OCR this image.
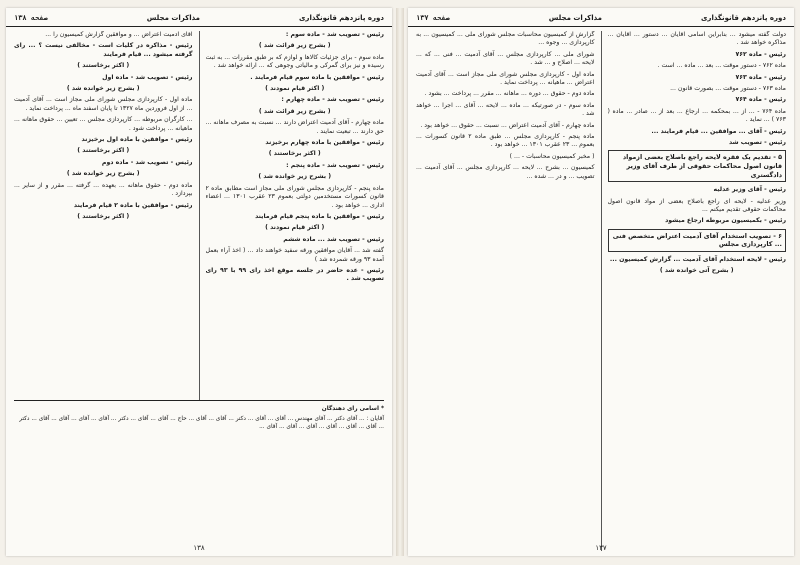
دوره پانزدهم قانونگذاری
مذاکرات مجلس
صفحه ۱۳۸
رئیس - تصویب شد - ماده سوم :
( بشرح زیر قرائت شد )
ماده سوم - برای جزئیات کالاها و لوازم که بر طبق مقررات ... به ثبت رسیده و نیز برای گمرکی و مالیاتی وجوهی که ... ارائه خواهد شد .
رئیس - موافقین با ماده سوم قیام فرمایند .
( اکثر قیام نمودند )
رئیس - تصویب شد - ماده چهارم :
( بشرح زیر قرائت شد )
ماده چهارم - آقای آدمیت اعتراض دارند ... نسبت به مصرف ماهانه ... حق دارند ... تبعیت نمایند .
رئیس - موافقین با ماده چهارم برخیزند
( اکثر برخاستند )
رئیس - تصویب شد - ماده پنجم :
( بشرح زیر خوانده شد )
ماده پنجم - کارپردازی مجلس شورای ملی مجاز است مطابق ماده ۲ قانون کسورات مستخدمین دولتی بعموم ۲۳ عقرب ۱۳۰۱ ... اعضاء اداری ... خواهد بود .
رئیس - موافقین با ماده پنجم قیام فرمایند
( اکثر قیام نمودند )
رئیس - تصویب شد ... ماده ششم
گفته شد ... آقایان موافقین ورقه سفید خواهند داد ... ( اخذ آراء بعمل آمده ۹۳ ورقه شمرده شد )
رئیس - عده حاضر در جلسه موقع اخذ رای ۹۹ با ۹۳ رای تصویب شد .
آقای آدمیت اعتراض ... و موافقین گزارش کمیسیون را ...
رئیس - مذاکره در کلیات است - مخالفی نیست ؟ ... رای گرفته میشود ... قیام فرمایند
( اکثر برخاستند )
رئیس - تصویب شد - ماده اول
( بشرح زیر خوانده شد )
ماده اول - کارپردازی مجلس شورای ملی مجاز است ... آقای آدمیت ... از اول فروردین ماه ۱۳۲۷ تا پایان اسفند ماه ... پرداخت نماید .
... کارگران مربوطه ... کارپردازی مجلس ... تعیین ... حقوق ماهانه ... ماهیانه ... پرداخت شود .
رئیس - موافقین با ماده اول برخیزند
( اکثر برخاستند )
رئیس - تصویب شد - ماده دوم
( بشرح زیر خوانده شد )
ماده دوم - حقوق ماهانه ... بعهده ... گرفته ... مقرر و از سایر ... بپردازد .
رئیس - موافقین با ماده ۲ قیام فرمایند
( اکثر برخاستند )
* اسامی رای دهندگان
آقایان : ... آقای دکتر ... آقای مهندس ... آقای ... آقای ... دکتر ... آقای ... آقای ... حاج ... آقای ... آقای ... دکتر ... آقای ... آقای ... آقای ... آقای ... دکتر ... آقای ... آقای ... آقای ... آقای ... آقای ... آقای ...
۱۳۸
دوره پانزدهم قانونگذاری
مذاکرات مجلس
صفحه ۱۳۷
دولت گفته میشود ... بنابراین اسامی آقایان ... دستور ... آقایان ... مذاکره خواهد شد .
رئیس - ماده ۷۶۲
ماده ۷۶۲ - دستور موقت ... بعد ... ماده ... است .
رئیس - ماده ۷۶۳
ماده ۷۶۳ - دستور موقت ... بصورت قانون ...
رئیس - ماده ۷۶۴
ماده ۷۶۴ - ... از ... بمحکمه ... ارجاع ... بعد از ... صادر ... ماده ( ۷۶۳ ) ... نماید .
رئیس - آقای ... موافقین ... قیام فرمایند ...
رئیس - تصویب شد
۵ - تقدیم یک فقره لایحه راجع باصلاح بعضی ازمواد قانون اصول محاکمات حقوقی از طرف آقای وزیر دادگستری
رئیس - آقای وزیر عدلیه
وزیر عدلیه - لایحه ای راجع باصلاح بعضی از مواد قانون اصول محاکمات حقوقی تقدیم میکنم ...
رئیس - بکمیسیون مربوطه ارجاع میشود
۶ - تصویب استخدام آقای آدمیت اعتراض متخصص فنی ... کارپردازی مجلس
رئیس - لایحه استخدام آقای آدمیت ... گزارش کمیسیون ...
( بشرح آتی خوانده شد )
گزارش از کمیسیون محاسبات مجلس شورای ملی ... کمیسیون ... به کارپردازی ... وجوه ...
شورای ملی ... کارپردازی مجلس ... آقای آدمیت ... فنی ... که ... لایحه ... اصلاح و ... شد .
ماده اول - کارپردازی مجلس شورای ملی مجاز است ... آقای آدمیت اعتراض ... ماهیانه ... پرداخت نماید .
ماده دوم - حقوق ... دوره ... ماهانه ... مقرر ... پرداخت ... بشود .
ماده سوم - در صورتیکه ... ماده ... لایحه ... آقای ... اجرا ... خواهد شد .
ماده چهارم - آقای آدمیت اعتراض ... نسبت ... حقوق ... خواهد بود .
ماده پنجم - کارپردازی مجلس ... طبق ماده ۲ قانون کسورات ... بعموم ... ۲۳ عقرب ۱۳۰۱ ... خواهد بود .
( مخبر کمیسیون محاسبات - ... )
کمیسیون ... بشرح ... لایحه ... کارپردازی مجلس ... آقای آدمیت ... تصویب ... و در ... شده ...
۱۳۷
